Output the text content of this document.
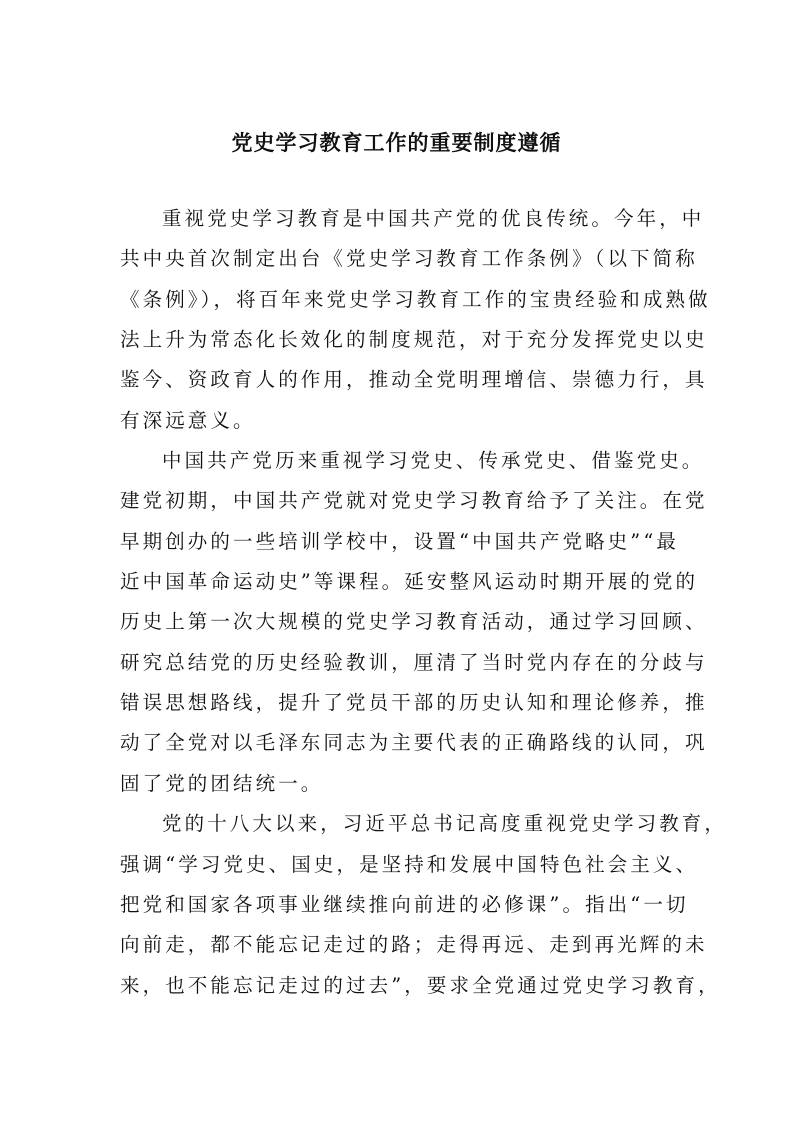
党史学习教育工作的重要制度遵循
重视党史学习教育是中国共产党的优良传统。今年，中
共中央首次制定出台《党史学习教育工作条例》（以下简称
《条例》），将百年来党史学习教育工作的宝贵经验和成熟做
法上升为常态化长效化的制度规范，对于充分发挥党史以史
鉴今、资政育人的作用，推动全党明理增信、崇德力行，具
有深远意义。
中国共产党历来重视学习党史、传承党史、借鉴党史。
建党初期，中国共产党就对党史学习教育给予了关注。在党
早期创办的一些培训学校中，设置“中国共产党略史”“最
近中国革命运动史”等课程。延安整风运动时期开展的党的
历史上第一次大规模的党史学习教育活动，通过学习回顾、
研究总结党的历史经验教训，厘清了当时党内存在的分歧与
错误思想路线，提升了党员干部的历史认知和理论修养，推
动了全党对以毛泽东同志为主要代表的正确路线的认同，巩
固了党的团结统一。
党的十八大以来，习近平总书记高度重视党史学习教育，
强调“学习党史、国史，是坚持和发展中国特色社会主义、
把党和国家各项事业继续推向前进的必修课”。指出“一切
向前走，都不能忘记走过的路；走得再远、走到再光辉的未
来，也不能忘记走过的过去”，要求全党通过党史学习教育，
